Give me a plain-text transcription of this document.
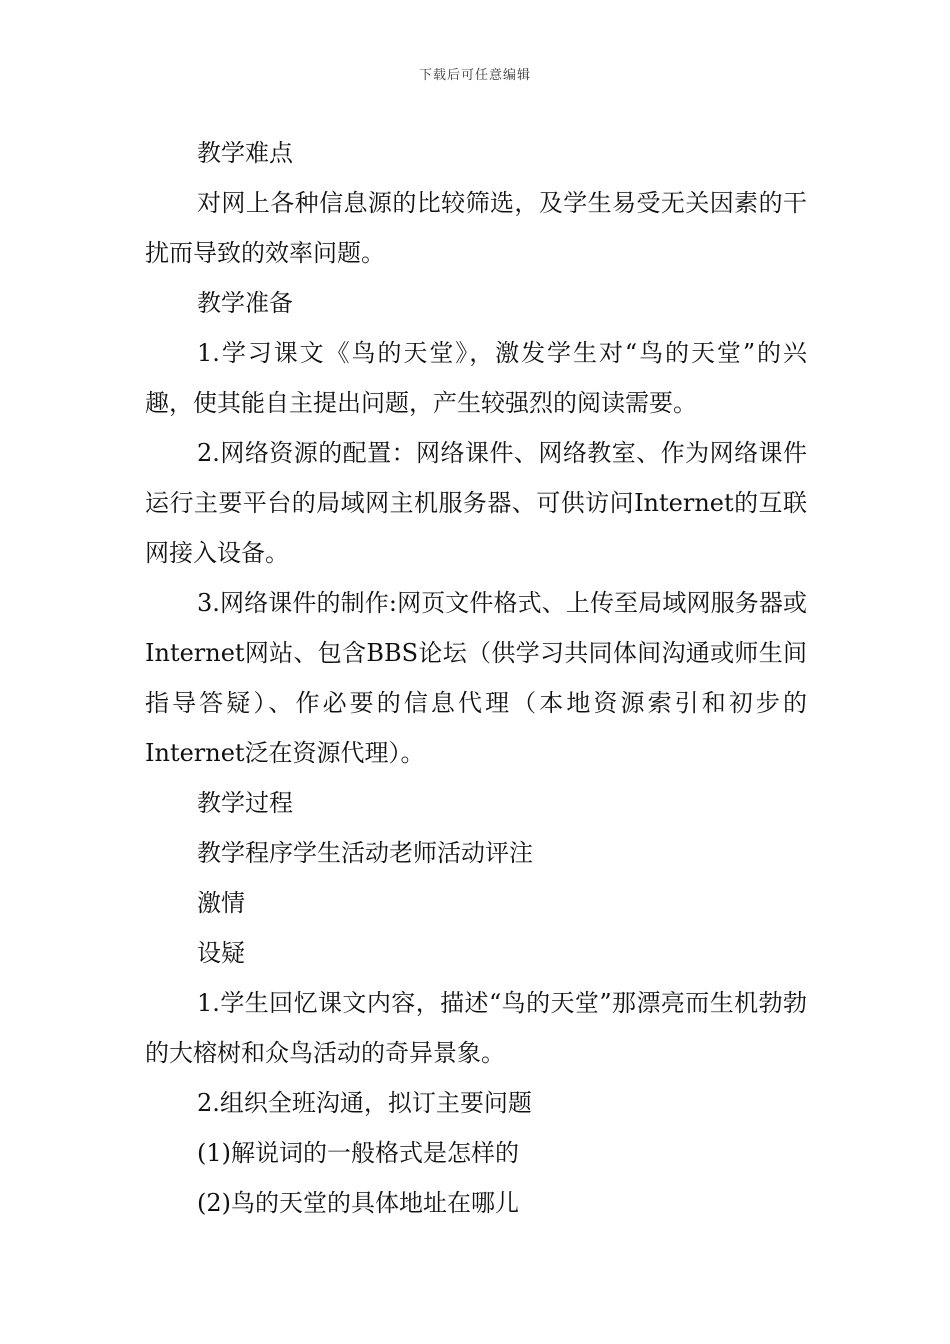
下载后可任意编辑

教学难点

对网上各种信息源的比较筛选，及学生易受无关因素的干扰而导致的效率问题。

教学准备

1.学习课文《鸟的天堂》，激发学生对“鸟的天堂”的兴趣，使其能自主提出问题，产生较强烈的阅读需要。

2.网络资源的配置：网络课件、网络教室、作为网络课件运行主要平台的局域网主机服务器、可供访问Internet的互联网接入设备。

3.网络课件的制作:网页文件格式、上传至局域网服务器或Internet网站、包含BBS论坛（供学习共同体间沟通或师生间指导答疑）、作必要的信息代理（本地资源索引和初步的Internet泛在资源代理）。

教学过程

教学程序学生活动老师活动评注

激情

设疑

1.学生回忆课文内容，描述“鸟的天堂”那漂亮而生机勃勃的大榕树和众鸟活动的奇异景象。

2.组织全班沟通，拟订主要问题

(1)解说词的一般格式是怎样的

(2)鸟的天堂的具体地址在哪儿
